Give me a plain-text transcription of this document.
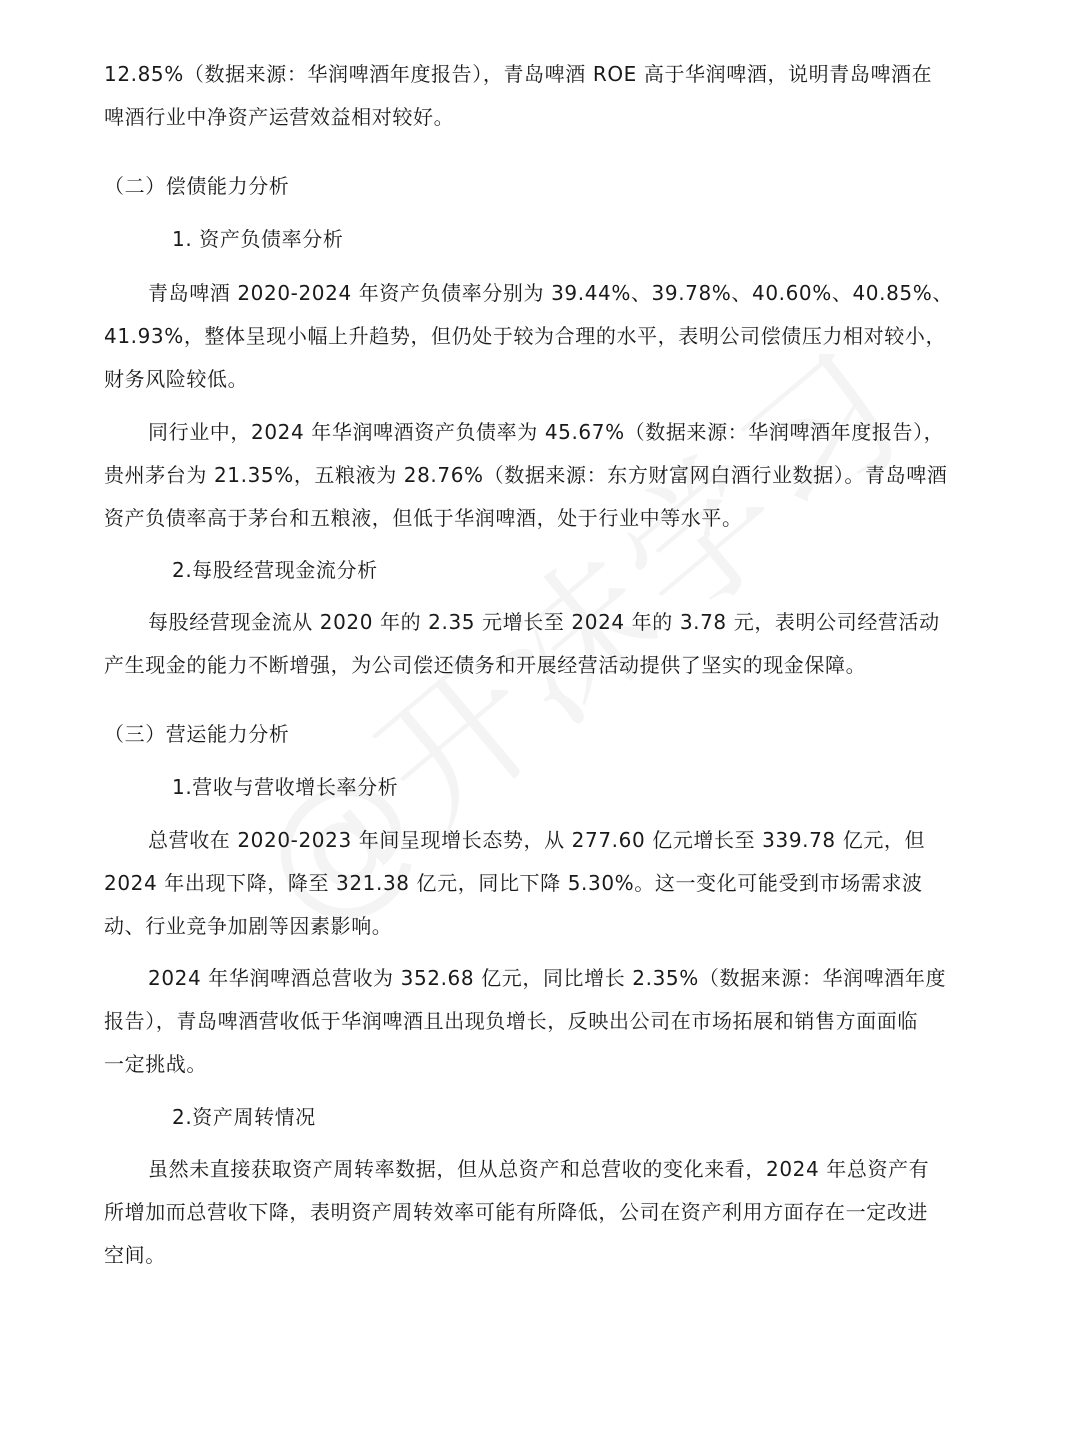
12.85%（数据来源：华润啤酒年度报告），青岛啤酒 ROE 高于华润啤酒，说明青岛啤酒在
啤酒行业中净资产运营效益相对较好。
（二）偿债能力分析
1. 资产负债率分析
青岛啤酒 2020-2024 年资产负债率分别为 39.44%、39.78%、40.60%、40.85%、
41.93%，整体呈现小幅上升趋势，但仍处于较为合理的水平，表明公司偿债压力相对较小，
财务风险较低。
同行业中，2024 年华润啤酒资产负债率为 45.67%（数据来源：华润啤酒年度报告），
贵州茅台为 21.35%，五粮液为 28.76%（数据来源：东方财富网白酒行业数据）。青岛啤酒
资产负债率高于茅台和五粮液，但低于华润啤酒，处于行业中等水平。
2.每股经营现金流分析
每股经营现金流从 2020 年的 2.35 元增长至 2024 年的 3.78 元，表明公司经营活动
产生现金的能力不断增强，为公司偿还债务和开展经营活动提供了坚实的现金保障。
（三）营运能力分析
1.营收与营收增长率分析
总营收在 2020-2023 年间呈现增长态势，从 277.60 亿元增长至 339.78 亿元，但
2024 年出现下降，降至 321.38 亿元，同比下降 5.30%。这一变化可能受到市场需求波
动、行业竞争加剧等因素影响。
2024 年华润啤酒总营收为 352.68 亿元，同比增长 2.35%（数据来源：华润啤酒年度
报告），青岛啤酒营收低于华润啤酒且出现负增长，反映出公司在市场拓展和销售方面面临
一定挑战。
2.资产周转情况
虽然未直接获取资产周转率数据，但从总资产和总营收的变化来看，2024 年总资产有
所增加而总营收下降，表明资产周转效率可能有所降低，公司在资产利用方面存在一定改进
空间。
